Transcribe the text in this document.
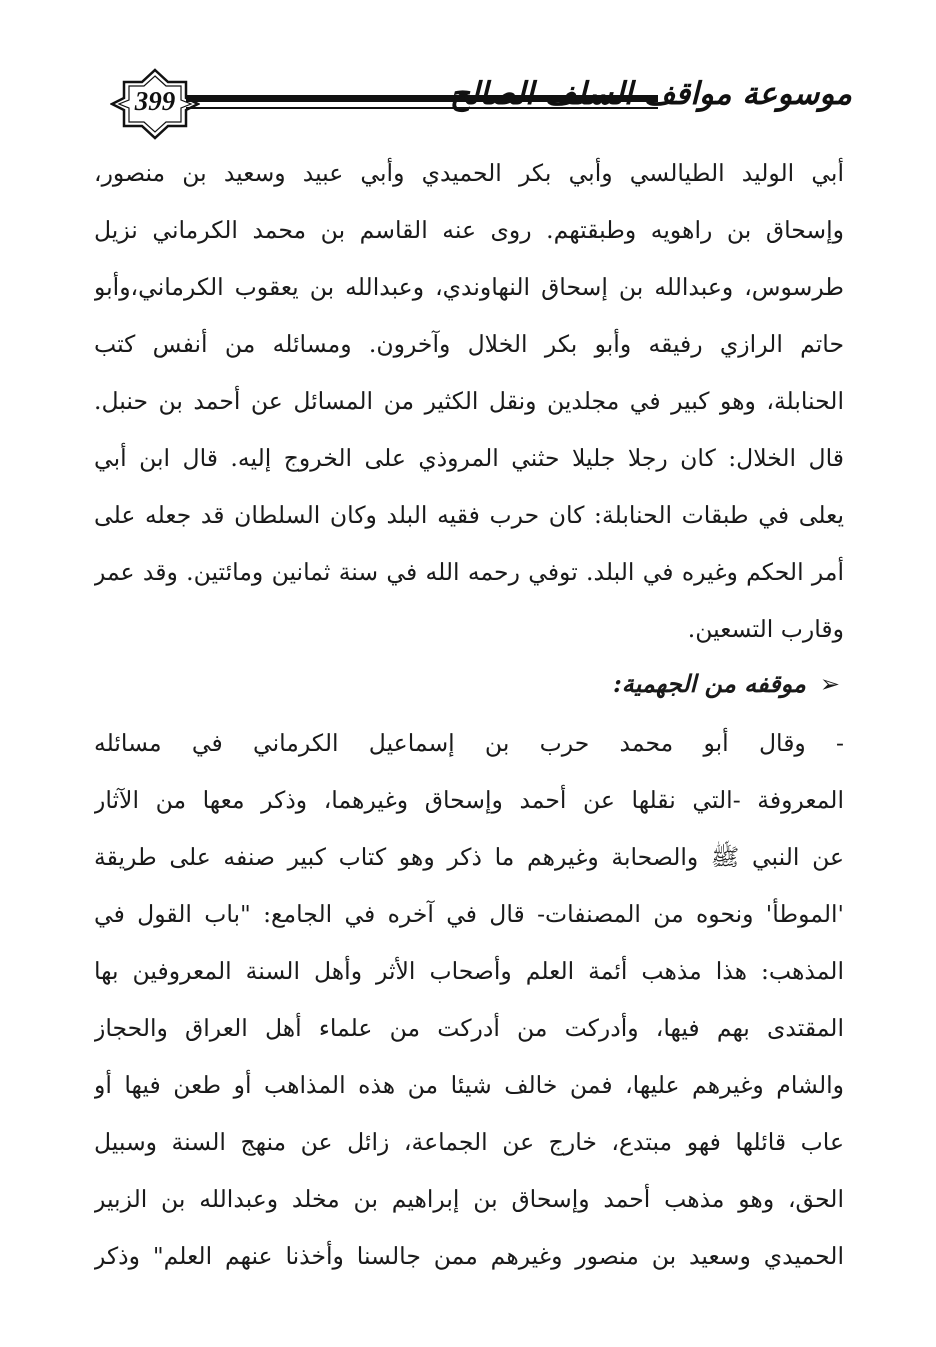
399	موسوعة مواقف السلف الصالح
أبي الوليد الطيالسي وأبي بكر الحميدي وأبي عبيد وسعيد بن منصور،
وإسحاق بن راهويه وطبقتهم. روى عنه القاسم بن محمد الكرماني نزيل
طرسوس، وعبدالله بن إسحاق النهاوندي، وعبدالله بن يعقوب الكرماني،وأبو
حاتم الرازي رفيقه وأبو بكر الخلال وآخرون. ومسائله من أنفس كتب
الحنابلة، وهو كبير في مجلدين ونقل الكثير من المسائل عن أحمد بن حنبل.
قال الخلال: كان رجلا جليلا حثني المروذي على الخروج إليه. قال ابن أبي
يعلى في طبقات الحنابلة: كان حرب فقيه البلد وكان السلطان قد جعله على
أمر الحكم وغيره في البلد. توفي رحمه الله في سنة ثمانين ومائتين. وقد عمر
وقارب التسعين.
➢موقفه من الجهمية:
- وقال أبو محمد حرب بن إسماعيل الكرماني في مسائله
المعروفة -التي نقلها عن أحمد وإسحاق وغيرهما، وذكر معها من الآثار
عن النبي ﷺ والصحابة وغيرهم ما ذكر وهو كتاب كبير صنفه على طريقة
'الموطأ' ونحوه من المصنفات- قال في آخره في الجامع: "باب القول في
المذهب: هذا مذهب أئمة العلم وأصحاب الأثر وأهل السنة المعروفين بها
المقتدى بهم فيها، وأدركت من أدركت من علماء أهل العراق والحجاز
والشام وغيرهم عليها، فمن خالف شيئا من هذه المذاهب أو طعن فيها أو
عاب قائلها فهو مبتدع، خارج عن الجماعة، زائل عن منهج السنة وسبيل
الحق، وهو مذهب أحمد وإسحاق بن إبراهيم بن مخلد وعبدالله بن الزبير
الحميدي وسعيد بن منصور وغيرهم ممن جالسنا وأخذنا عنهم العلم" وذكر
